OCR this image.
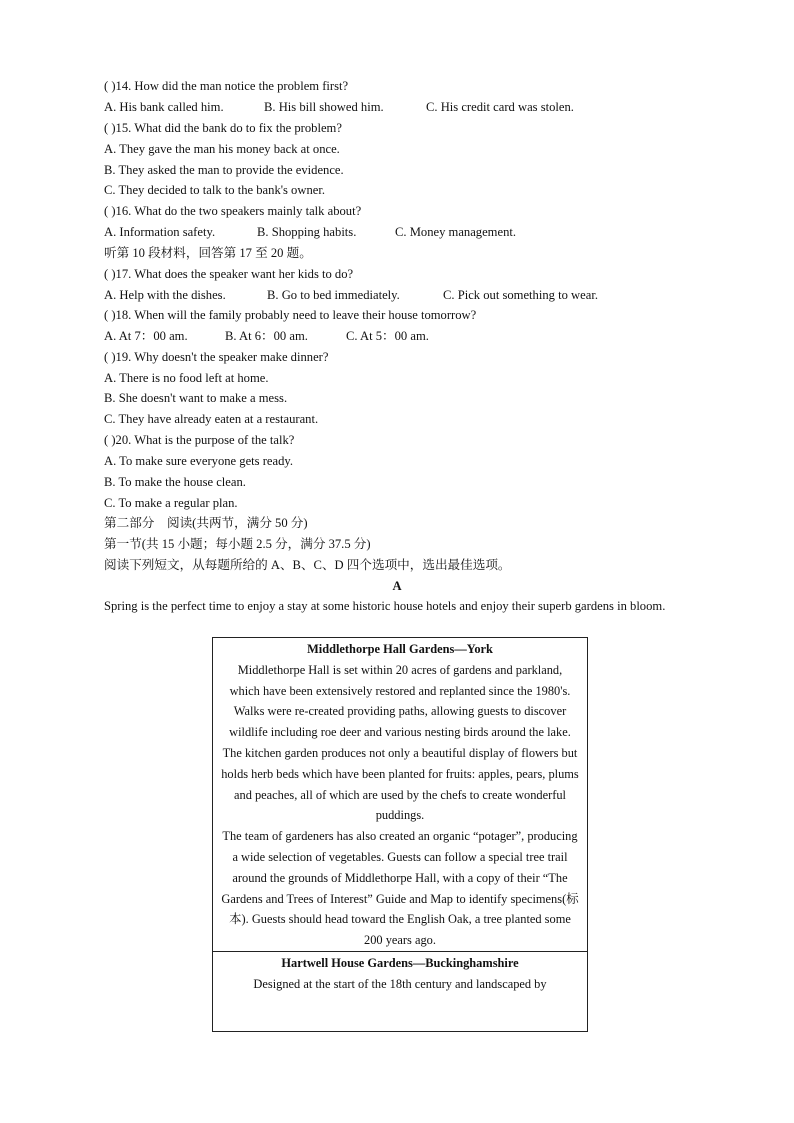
( )14. How did the man notice the problem first?
A. His bank called him.	B. His bill showed him.	C. His credit card was stolen.
( )15. What did the bank do to fix the problem?
A. They gave the man his money back at once.
B. They asked the man to provide the evidence.
C. They decided to talk to the bank's owner.
( )16. What do the two speakers mainly talk about?
A. Information safety.	B. Shopping habits.	C. Money management.
听第 10 段材料，回答第 17 至 20 题。
( )17. What does the speaker want her kids to do?
A. Help with the dishes.	B. Go to bed immediately.	C. Pick out something to wear.
( )18. When will the family probably need to leave their house tomorrow?
A. At 7：00 am.	B. At 6：00 am.	C. At 5：00 am.
( )19. Why doesn't the speaker make dinner?
A. There is no food left at home.
B. She doesn't want to make a mess.
C. They have already eaten at a restaurant.
( )20. What is the purpose of the talk?
A. To make sure everyone gets ready.
B. To make the house clean.
C. To make a regular plan.
第二部分　阅读(共两节，满分 50 分)
第一节(共 15 小题；每小题 2.5 分，满分 37.5 分)
阅读下列短文，从每题所给的 A、B、C、D 四个选项中，选出最佳选项。
A
Spring is the perfect time to enjoy a stay at some historic house hotels and enjoy their superb gardens in bloom.

Middlethorpe Hall Gardens—York

Middlethorpe Hall is set within 20 acres of gardens and parkland, which have been extensively restored and replanted since the 1980's.

Walks were re-created providing paths, allowing guests to discover wildlife including roe deer and various nesting birds around the lake.

The kitchen garden produces not only a beautiful display of flowers but holds herb beds which have been planted for fruits: apples, pears, plums and peaches, all of which are used by the chefs to create wonderful puddings.

The team of gardeners has also created an organic “potager”, producing a wide selection of vegetables. Guests can follow a special tree trail around the grounds of Middlethorpe Hall, with a copy of their “The Gardens and Trees of Interest” Guide and Map to identify specimens(标本). Guests should head toward the English Oak, a tree planted some 200 years ago.

Hartwell House Gardens—Buckinghamshire

Designed at the start of the 18th century and landscaped by
